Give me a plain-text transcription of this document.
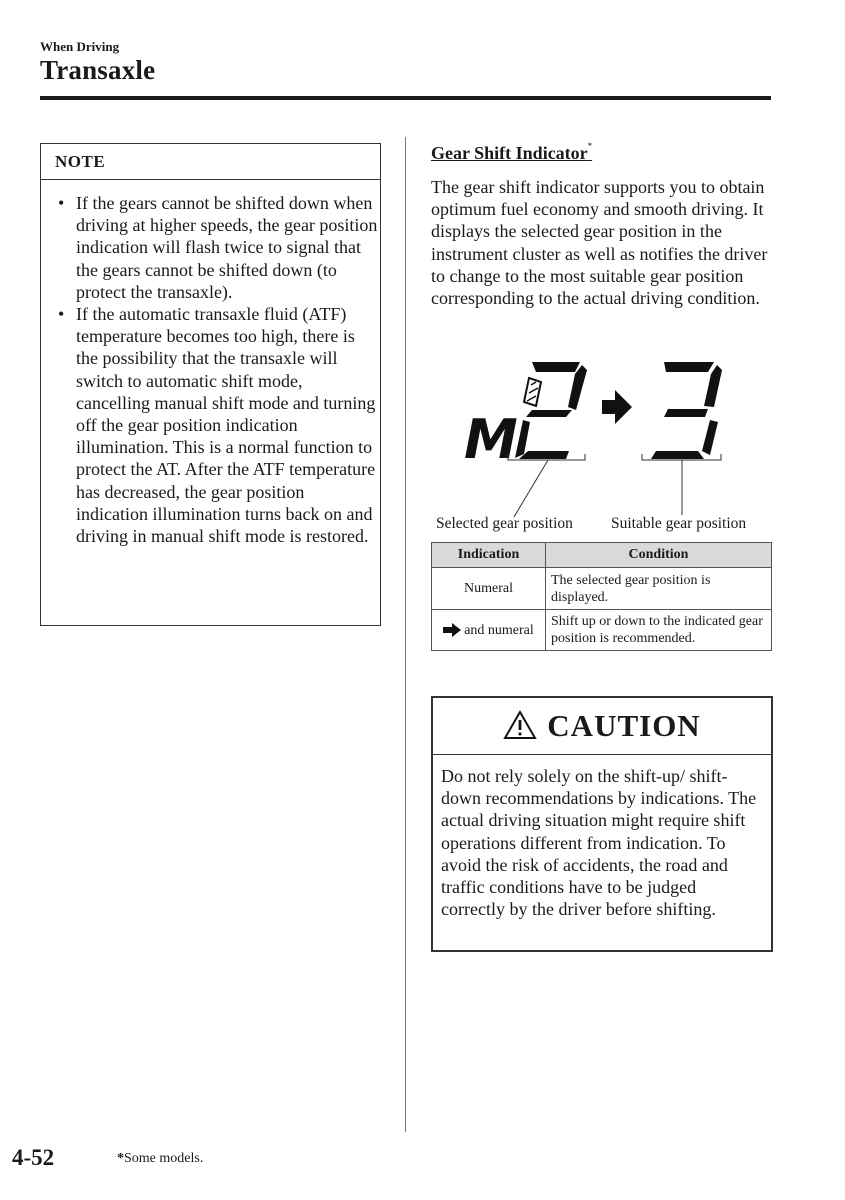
When Driving
Transaxle
NOTE
• If the gears cannot be shifted down when driving at higher speeds, the gear position indication will flash twice to signal that the gears cannot be shifted down (to protect the transaxle).
• If the automatic transaxle fluid (ATF) temperature becomes too high, there is the possibility that the transaxle will switch to automatic shift mode, cancelling manual shift mode and turning off the gear position indication illumination. This is a normal function to protect the AT. After the ATF temperature has decreased, the gear position indication illumination turns back on and driving in manual shift mode is restored.
Gear Shift Indicator*

The gear shift indicator supports you to obtain optimum fuel economy and smooth driving. It displays the selected gear position in the instrument cluster as well as notifies the driver to change to the most suitable gear position corresponding to the actual driving condition.

M
Selected gear position Suitable gear position
Indication	Condition
Numeral	The selected gear position is displayed.
and numeral	Shift up or down to the indicated gear position is recommended.
CAUTION

Do not rely solely on the shift-up/ shift-down recommendations by indications. The actual driving situation might require shift operations different from indication. To avoid the risk of accidents, the road and traffic conditions have to be judged correctly by the driver before shifting.

4-52	*Some models.
